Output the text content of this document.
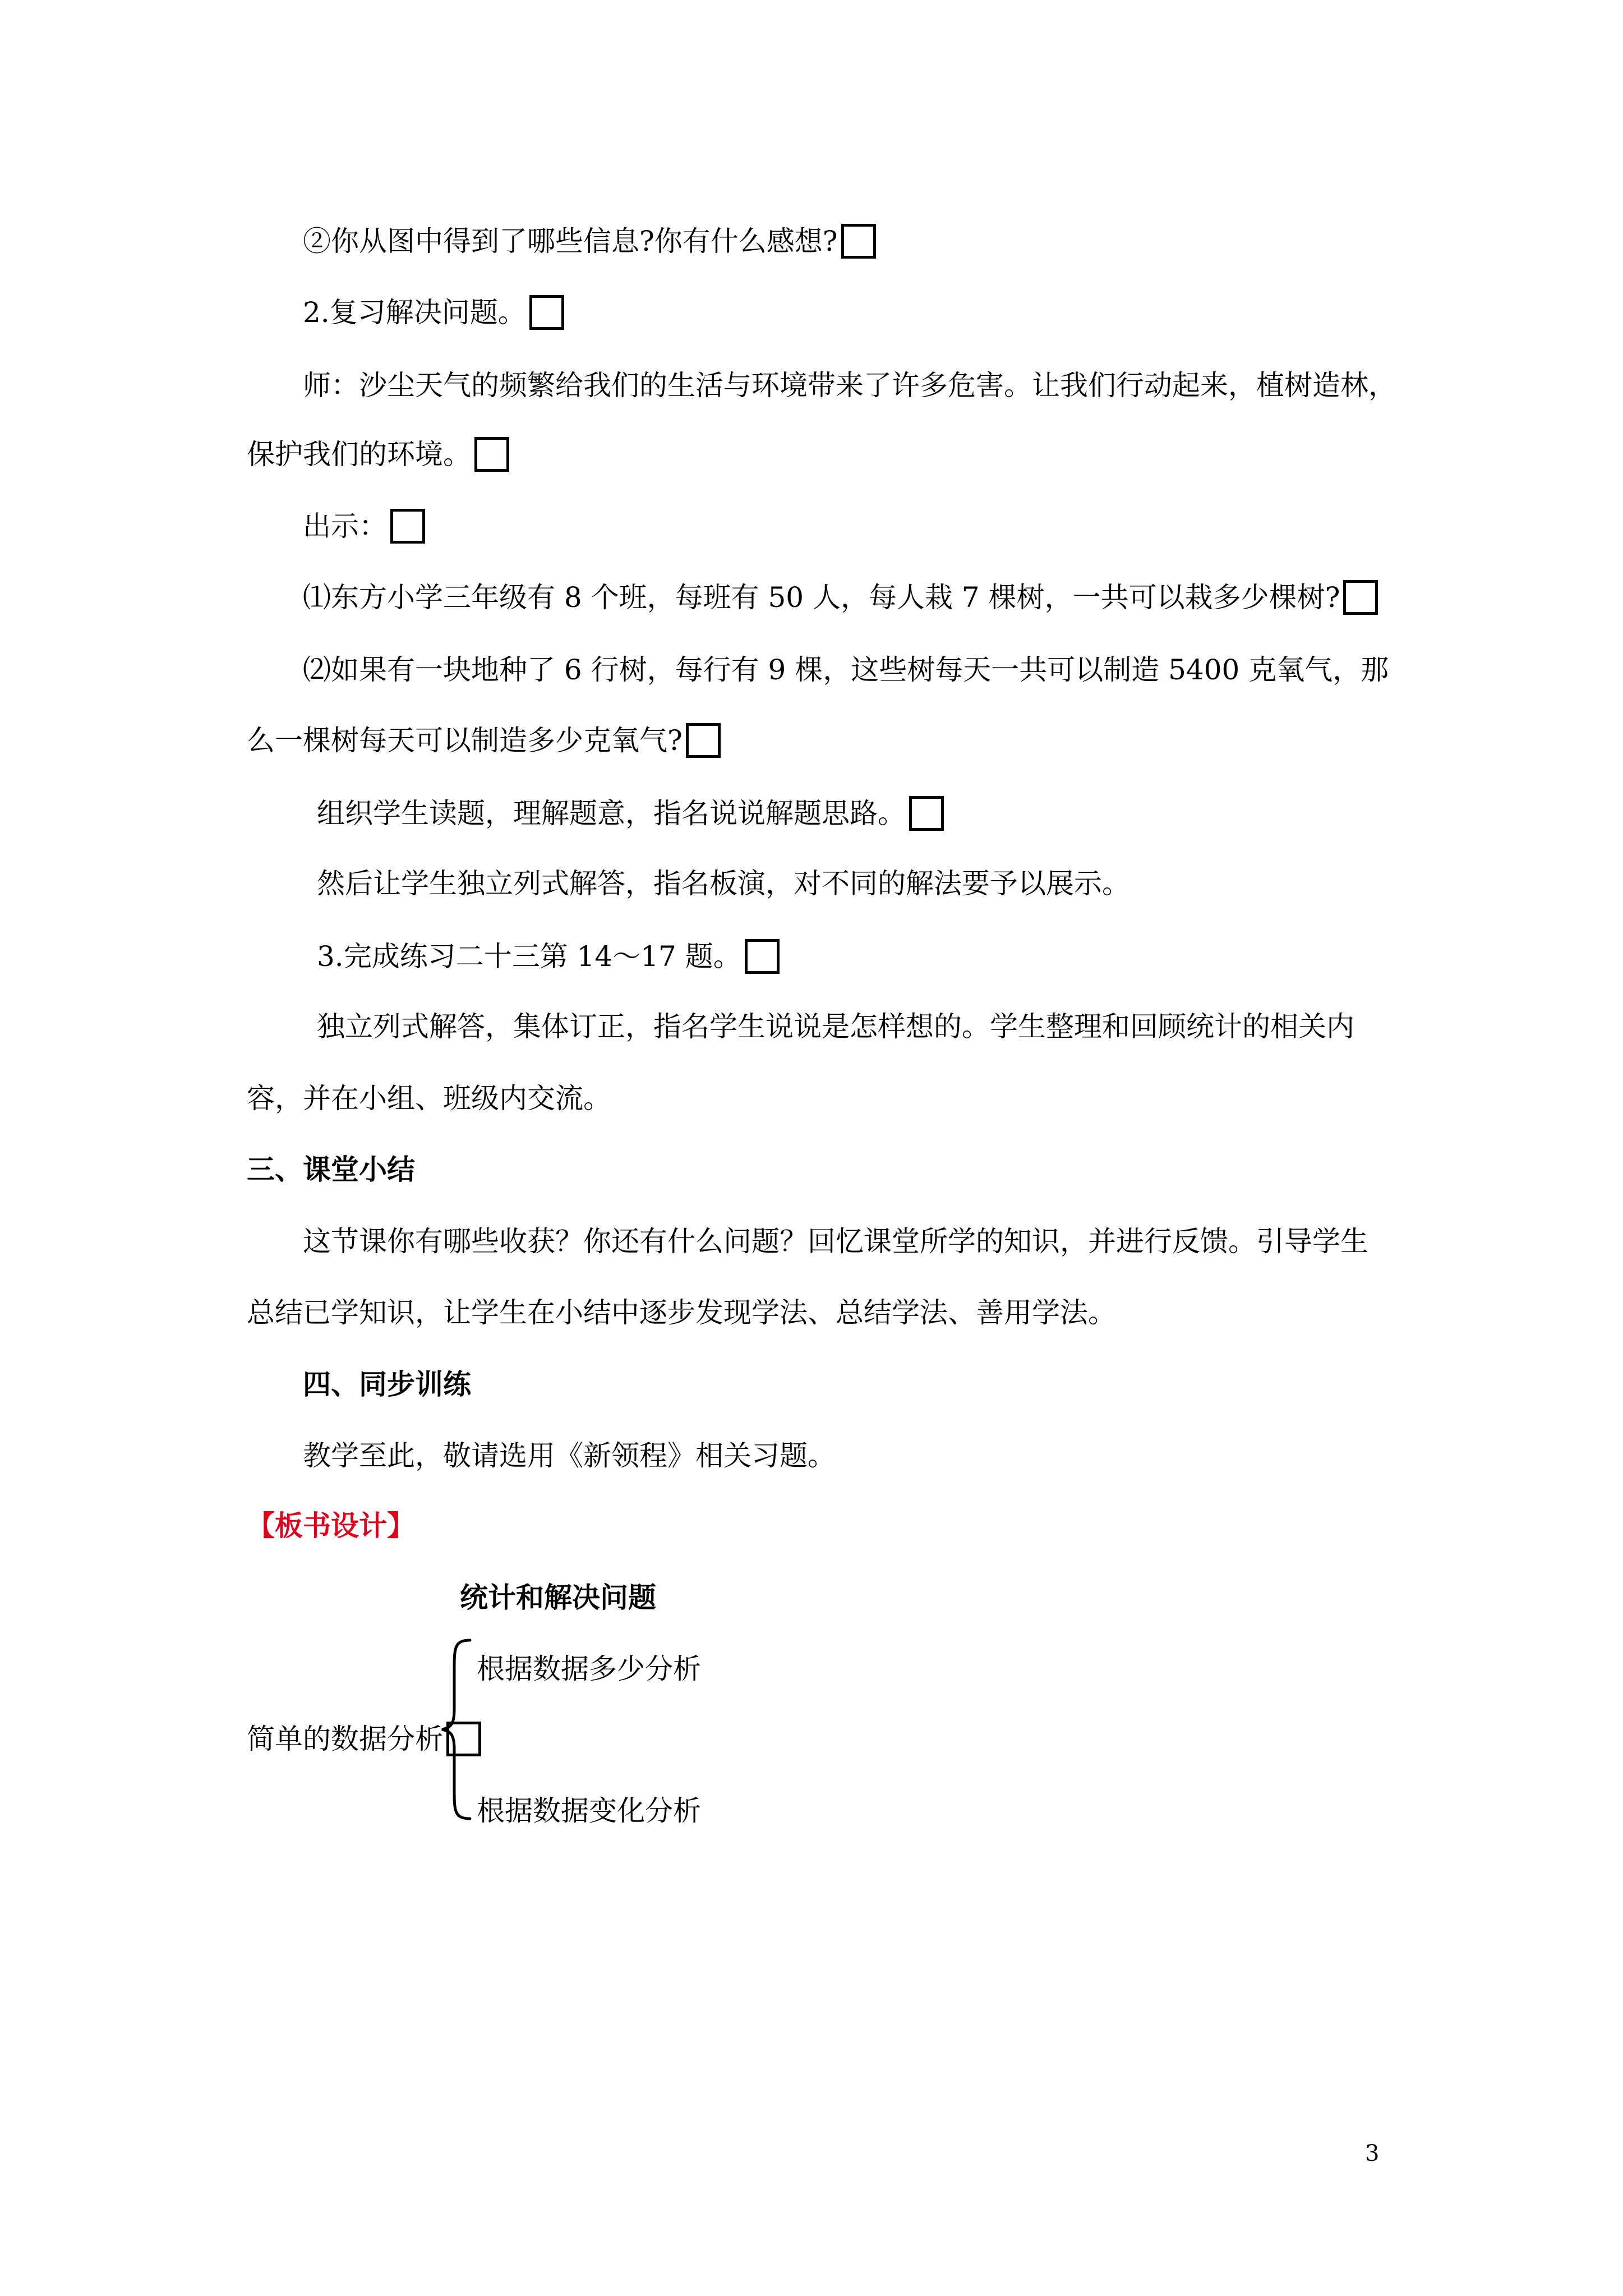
②你从图中得到了哪些信息?你有什么感想?
2.复习解决问题。
师：沙尘天气的频繁给我们的生活与环境带来了许多危害。让我们行动起来，植树造林，
保护我们的环境。
出示：
⑴东方小学三年级有 8 个班，每班有 50 人，每人栽 7 棵树，一共可以栽多少棵树?
⑵如果有一块地种了 6 行树，每行有 9 棵，这些树每天一共可以制造 5400 克氧气，那
么一棵树每天可以制造多少克氧气?
组织学生读题，理解题意，指名说说解题思路。
然后让学生独立列式解答，指名板演，对不同的解法要予以展示。
3.完成练习二十三第 14～17 题。
独立列式解答，集体订正，指名学生说说是怎样想的。学生整理和回顾统计的相关内
容，并在小组、班级内交流。
三、课堂小结
这节课你有哪些收获？你还有什么问题？回忆课堂所学的知识，并进行反馈。引导学生
总结已学知识，让学生在小结中逐步发现学法、总结学法、善用学法。
四、同步训练
教学至此，敬请选用《新领程》相关习题。
【板书设计】
统计和解决问题
根据数据多少分析
简单的数据分析
根据数据变化分析
3
